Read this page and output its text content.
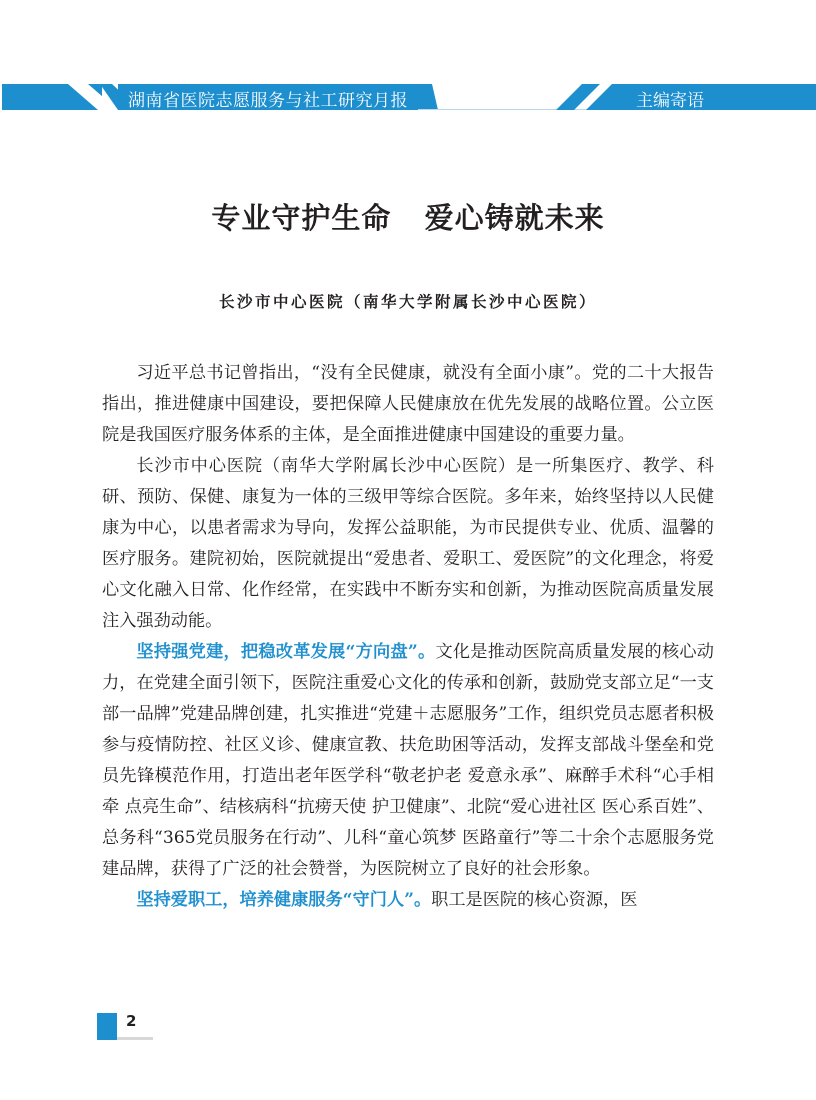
湖南省医院志愿服务与社工研究月报	主编寄语
专业守护生命   爱心铸就未来
长沙市中心医院（南华大学附属长沙中心医院）

习近平总书记曾指出，“没有全民健康，就没有全面小康”。党的二十大报告指出，推进健康中国建设，要把保障人民健康放在优先发展的战略位置。公立医院是我国医疗服务体系的主体，是全面推进健康中国建设的重要力量。

长沙市中心医院（南华大学附属长沙中心医院）是一所集医疗、教学、科研、预防、保健、康复为一体的三级甲等综合医院。多年来，始终坚持以人民健康为中心，以患者需求为导向，发挥公益职能，为市民提供专业、优质、温馨的医疗服务。建院初始，医院就提出“爱患者、爱职工、爱医院”的文化理念，将爱心文化融入日常、化作经常，在实践中不断夯实和创新，为推动医院高质量发展注入强劲动能。

坚持强党建，把稳改革发展“方向盘”。文化是推动医院高质量发展的核心动力，在党建全面引领下，医院注重爱心文化的传承和创新，鼓励党支部立足“一支部一品牌”党建品牌创建，扎实推进“党建＋志愿服务”工作，组织党员志愿者积极参与疫情防控、社区义诊、健康宣教、扶危助困等活动，发挥支部战斗堡垒和党员先锋模范作用，打造出老年医学科“敬老护老 爱意永承”、麻醉手术科“心手相牵 点亮生命”、结核病科“抗痨天使 护卫健康”、北院“爱心进社区 医心系百姓”、总务科“365党员服务在行动”、儿科“童心筑梦 医路童行”等二十余个志愿服务党建品牌，获得了广泛的社会赞誉，为医院树立了良好的社会形象。

坚持爱职工，培养健康服务“守门人”。职工是医院的核心资源，医

2
